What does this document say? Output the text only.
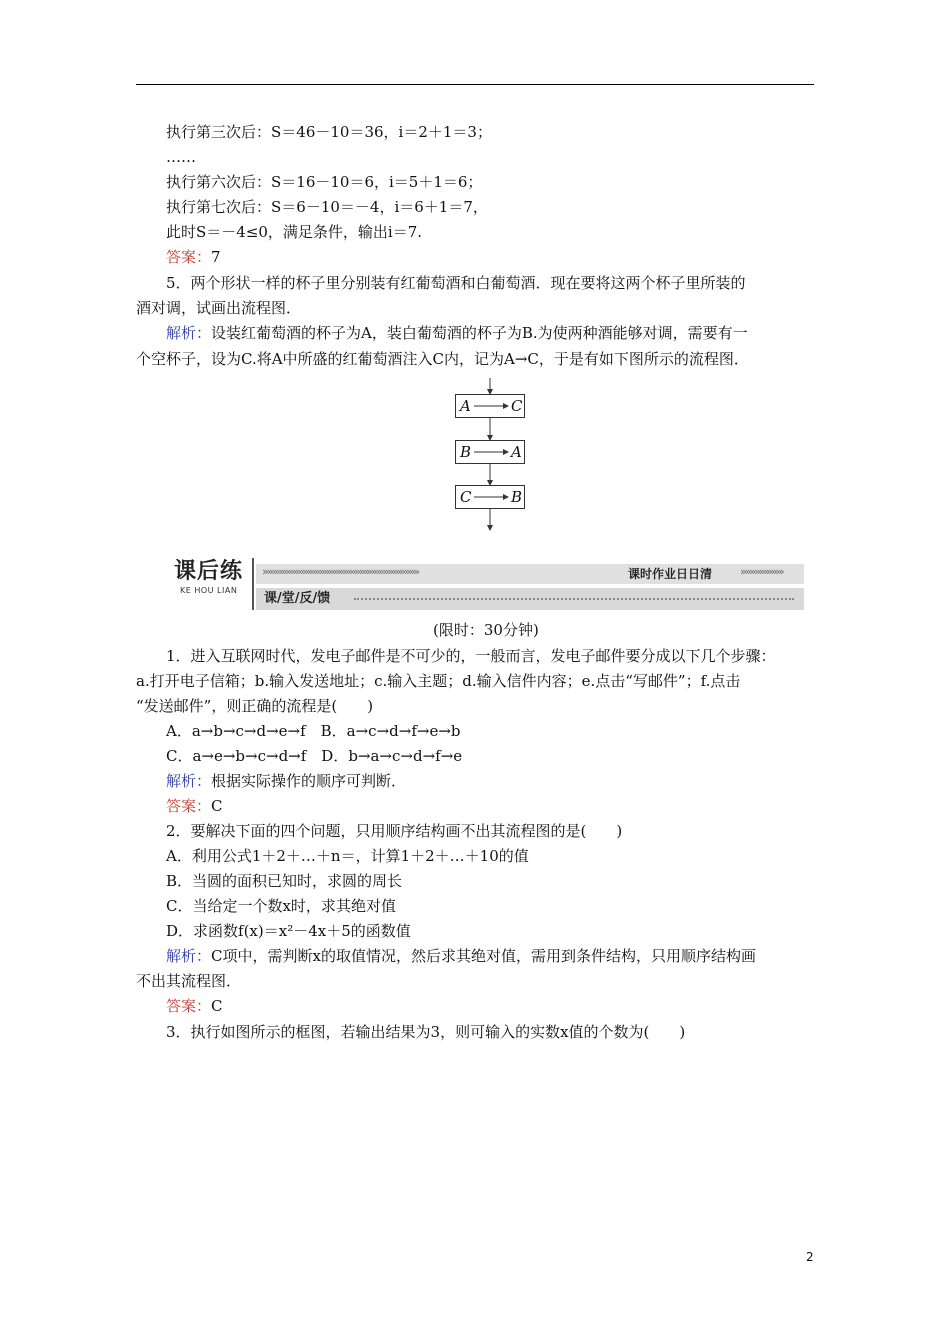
执行第三次后：S＝46－10＝36，i＝2＋1＝3；
……
执行第六次后：S＝16－10＝6，i＝5＋1＝6；
执行第七次后：S＝6－10＝－4，i＝6＋1＝7，
此时S＝－4≤0，满足条件，输出i＝7.
答案：7
5．两个形状一样的杯子里分别装有红葡萄酒和白葡萄酒．现在要将这两个杯子里所装的
酒对调，试画出流程图．
解析：设装红葡萄酒的杯子为A，装白葡萄酒的杯子为B.为使两种酒能够对调，需要有一
个空杯子，设为C.将A中所盛的红葡萄酒注入C内，记为A→C，于是有如下图所示的流程图．
A	C
B	A
C	B
课后练
KE HOU LIAN
»»»»»»»»»»»»»»»»»»»»»»»»»»»»»»»»»	课时作业日日清	»»»»»»»»»
课/堂/反/馈
(限时：30分钟)
1．进入互联网时代，发电子邮件是不可少的，一般而言，发电子邮件要分成以下几个步骤：
a.打开电子信箱；b.输入发送地址；c.输入主题；d.输入信件内容；e.点击“写邮件”；f.点击
“发送邮件”，则正确的流程是(　　)
A．a→b→c→d→e→f　B．a→c→d→f→e→b
C．a→e→b→c→d→f　D．b→a→c→d→f→e
解析：根据实际操作的顺序可判断．
答案：C
2．要解决下面的四个问题，只用顺序结构画不出其流程图的是(　　)
A．利用公式1＋2＋…＋n＝，计算1＋2＋…＋10的值
B．当圆的面积已知时，求圆的周长
C．当给定一个数x时，求其绝对值
D．求函数f(x)＝x²－4x＋5的函数值
解析：C项中，需判断x的取值情况，然后求其绝对值，需用到条件结构，只用顺序结构画
不出其流程图．
答案：C
3．执行如图所示的框图，若输出结果为3，则可输入的实数x值的个数为(　　)
2
